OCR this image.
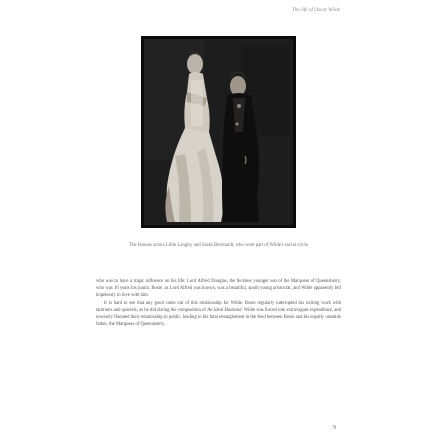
The life of Oscar Wilde
The famous actors Lillie Langtry and Sarah Bernhardt, who were part of Wilde's social circle

who was to have a tragic influence on his life: Lord Alfred Douglas, the feckless younger son of the Marquess of Queensberry, who was 16 years his junior. Bosie, as Lord Alfred was known, was a beautiful, spoilt young aristocrat, and Wilde apparently fell hopelessly in love with him.

It is hard to see that any good came out of this relationship for Wilde. Bosie regularly interrupted his writing work with tantrums and quarrels, as he did during the composition of An Ideal Husband. Wilde was forced into extravagant expenditure, and unwisely flaunted their relationship in public, leading to his fatal entanglement in the feud between Bosie and his equally unstable father, the Marquess of Queensberry.

9
